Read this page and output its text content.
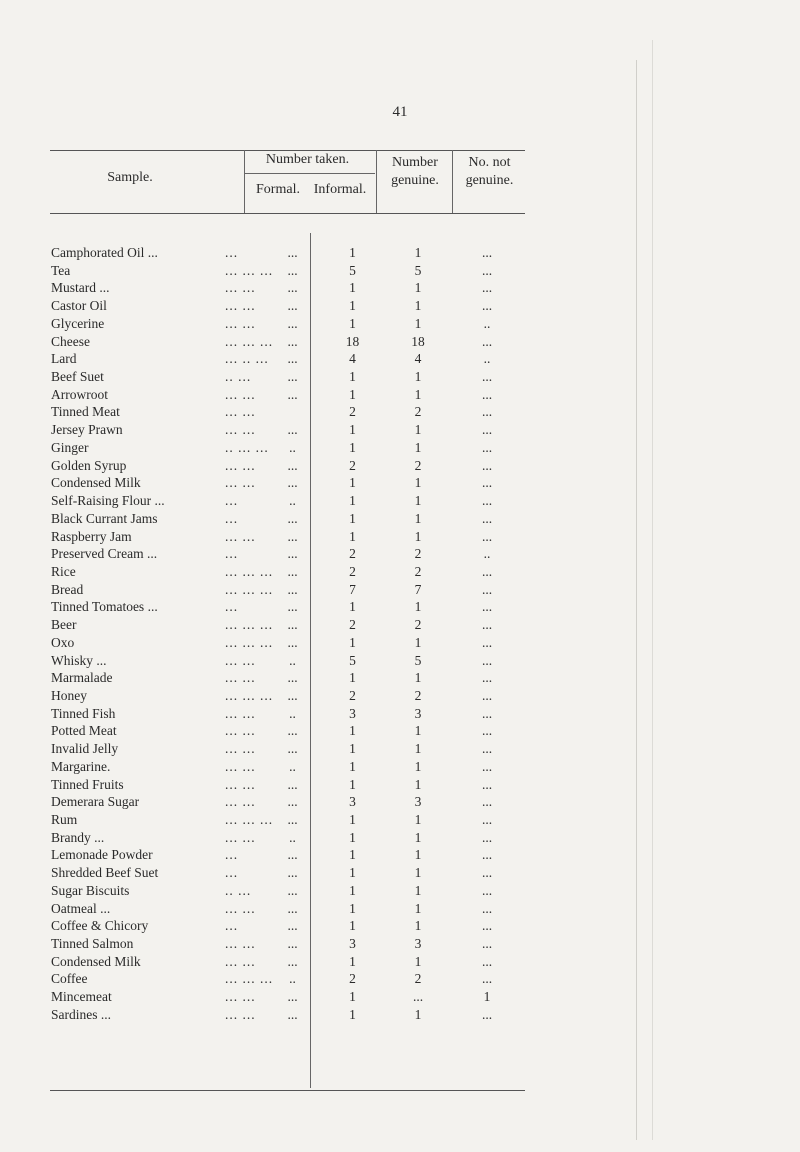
41
Sample.
Number taken.
Formal. Informal.
Number
genuine.
No. not
genuine.
Camphorated Oil ...	...	...	1	1	...
Tea	... ... ...	...	5	5	...
Mustard ...	... ...	...	1	1	...
Castor Oil	... ...	...	1	1	...
Glycerine	... ...	...	1	1	..
Cheese	... ... ...	...	18	18	...
Lard	... .. ...	...	4	4	..
Beef Suet	.. ...	...	1	1	...
Arrowroot	... ...	...	1	1	...
Tinned Meat	... ...	2	2	...
Jersey Prawn	... ...	...	1	1	...
Ginger	.. ... ...	..	1	1	...
Golden Syrup	... ...	...	2	2	...
Condensed Milk	... ...	...	1	1	...
Self-Raising Flour ...	...	..	1	1	...
Black Currant Jams	...	...	1	1	...
Raspberry Jam	... ...	...	1	1	...
Preserved Cream ...	...	...	2	2	..
Rice	... ... ...	...	2	2	...
Bread	... ... ...	...	7	7	...
Tinned Tomatoes ...	...	...	1	1	...
Beer	... ... ...	...	2	2	...
Oxo	... ... ...	...	1	1	...
Whisky ...	... ...	..	5	5	...
Marmalade	... ...	...	1	1	...
Honey	... ... ...	...	2	2	...
Tinned Fish	... ...	..	3	3	...
Potted Meat	... ...	...	1	1	...
Invalid Jelly	... ...	...	1	1	...
Margarine.	... ...	..	1	1	...
Tinned Fruits	... ...	...	1	1	...
Demerara Sugar	... ...	...	3	3	...
Rum	... ... ...	...	1	1	...
Brandy ...	... ...	..	1	1	...
Lemonade Powder	...	...	1	1	...
Shredded Beef Suet	...	...	1	1	...
Sugar Biscuits	.. ...	...	1	1	...
Oatmeal ...	... ...	...	1	1	...
Coffee & Chicory	...	...	1	1	...
Tinned Salmon	... ...	...	3	3	...
Condensed Milk	... ...	...	1	1	...
Coffee	... ... ...	..	2	2	...
Mincemeat	... ...	...	1	...	1
Sardines ...	... ...	...	1	1	...
